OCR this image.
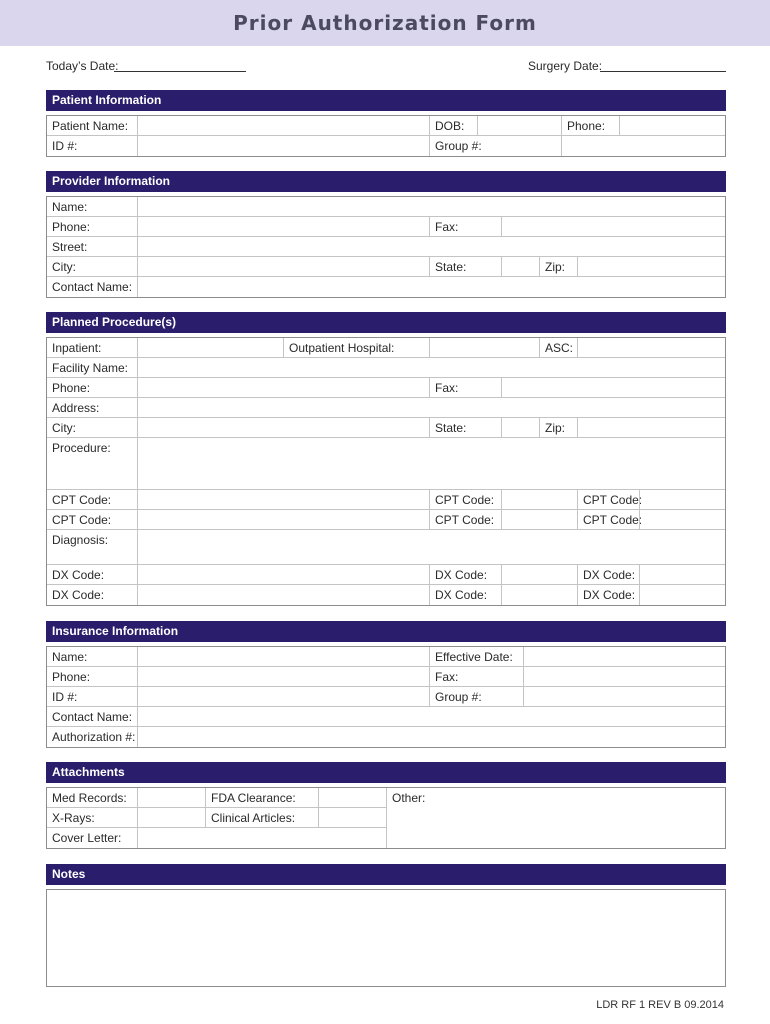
Prior Authorization Form
Today’s Date:	Surgery Date:
Patient Information
Patient Name:	DOB:	Phone:
ID #:	Group #:
Provider Information
Name:
Phone:	Fax:
Street:
City:	State:	Zip:
Contact Name:
Planned Procedure(s)
Inpatient:	Outpatient Hospital:	ASC:
Facility Name:
Phone:	Fax:
Address:
City:	State:	Zip:
Procedure:
CPT Code:	CPT Code:	CPT Code:
CPT Code:	CPT Code:	CPT Code:
Diagnosis:
DX Code:	DX Code:	DX Code:
DX Code:	DX Code:	DX Code:
Insurance Information
Name:	Effective Date:
Phone:	Fax:
ID #:	Group #:
Contact Name:
Authorization #:
Attachments
Med Records:	FDA Clearance:
X-Rays:	Clinical Articles:
Cover Letter:
Other:
Notes
LDR RF 1 REV B 09.2014
